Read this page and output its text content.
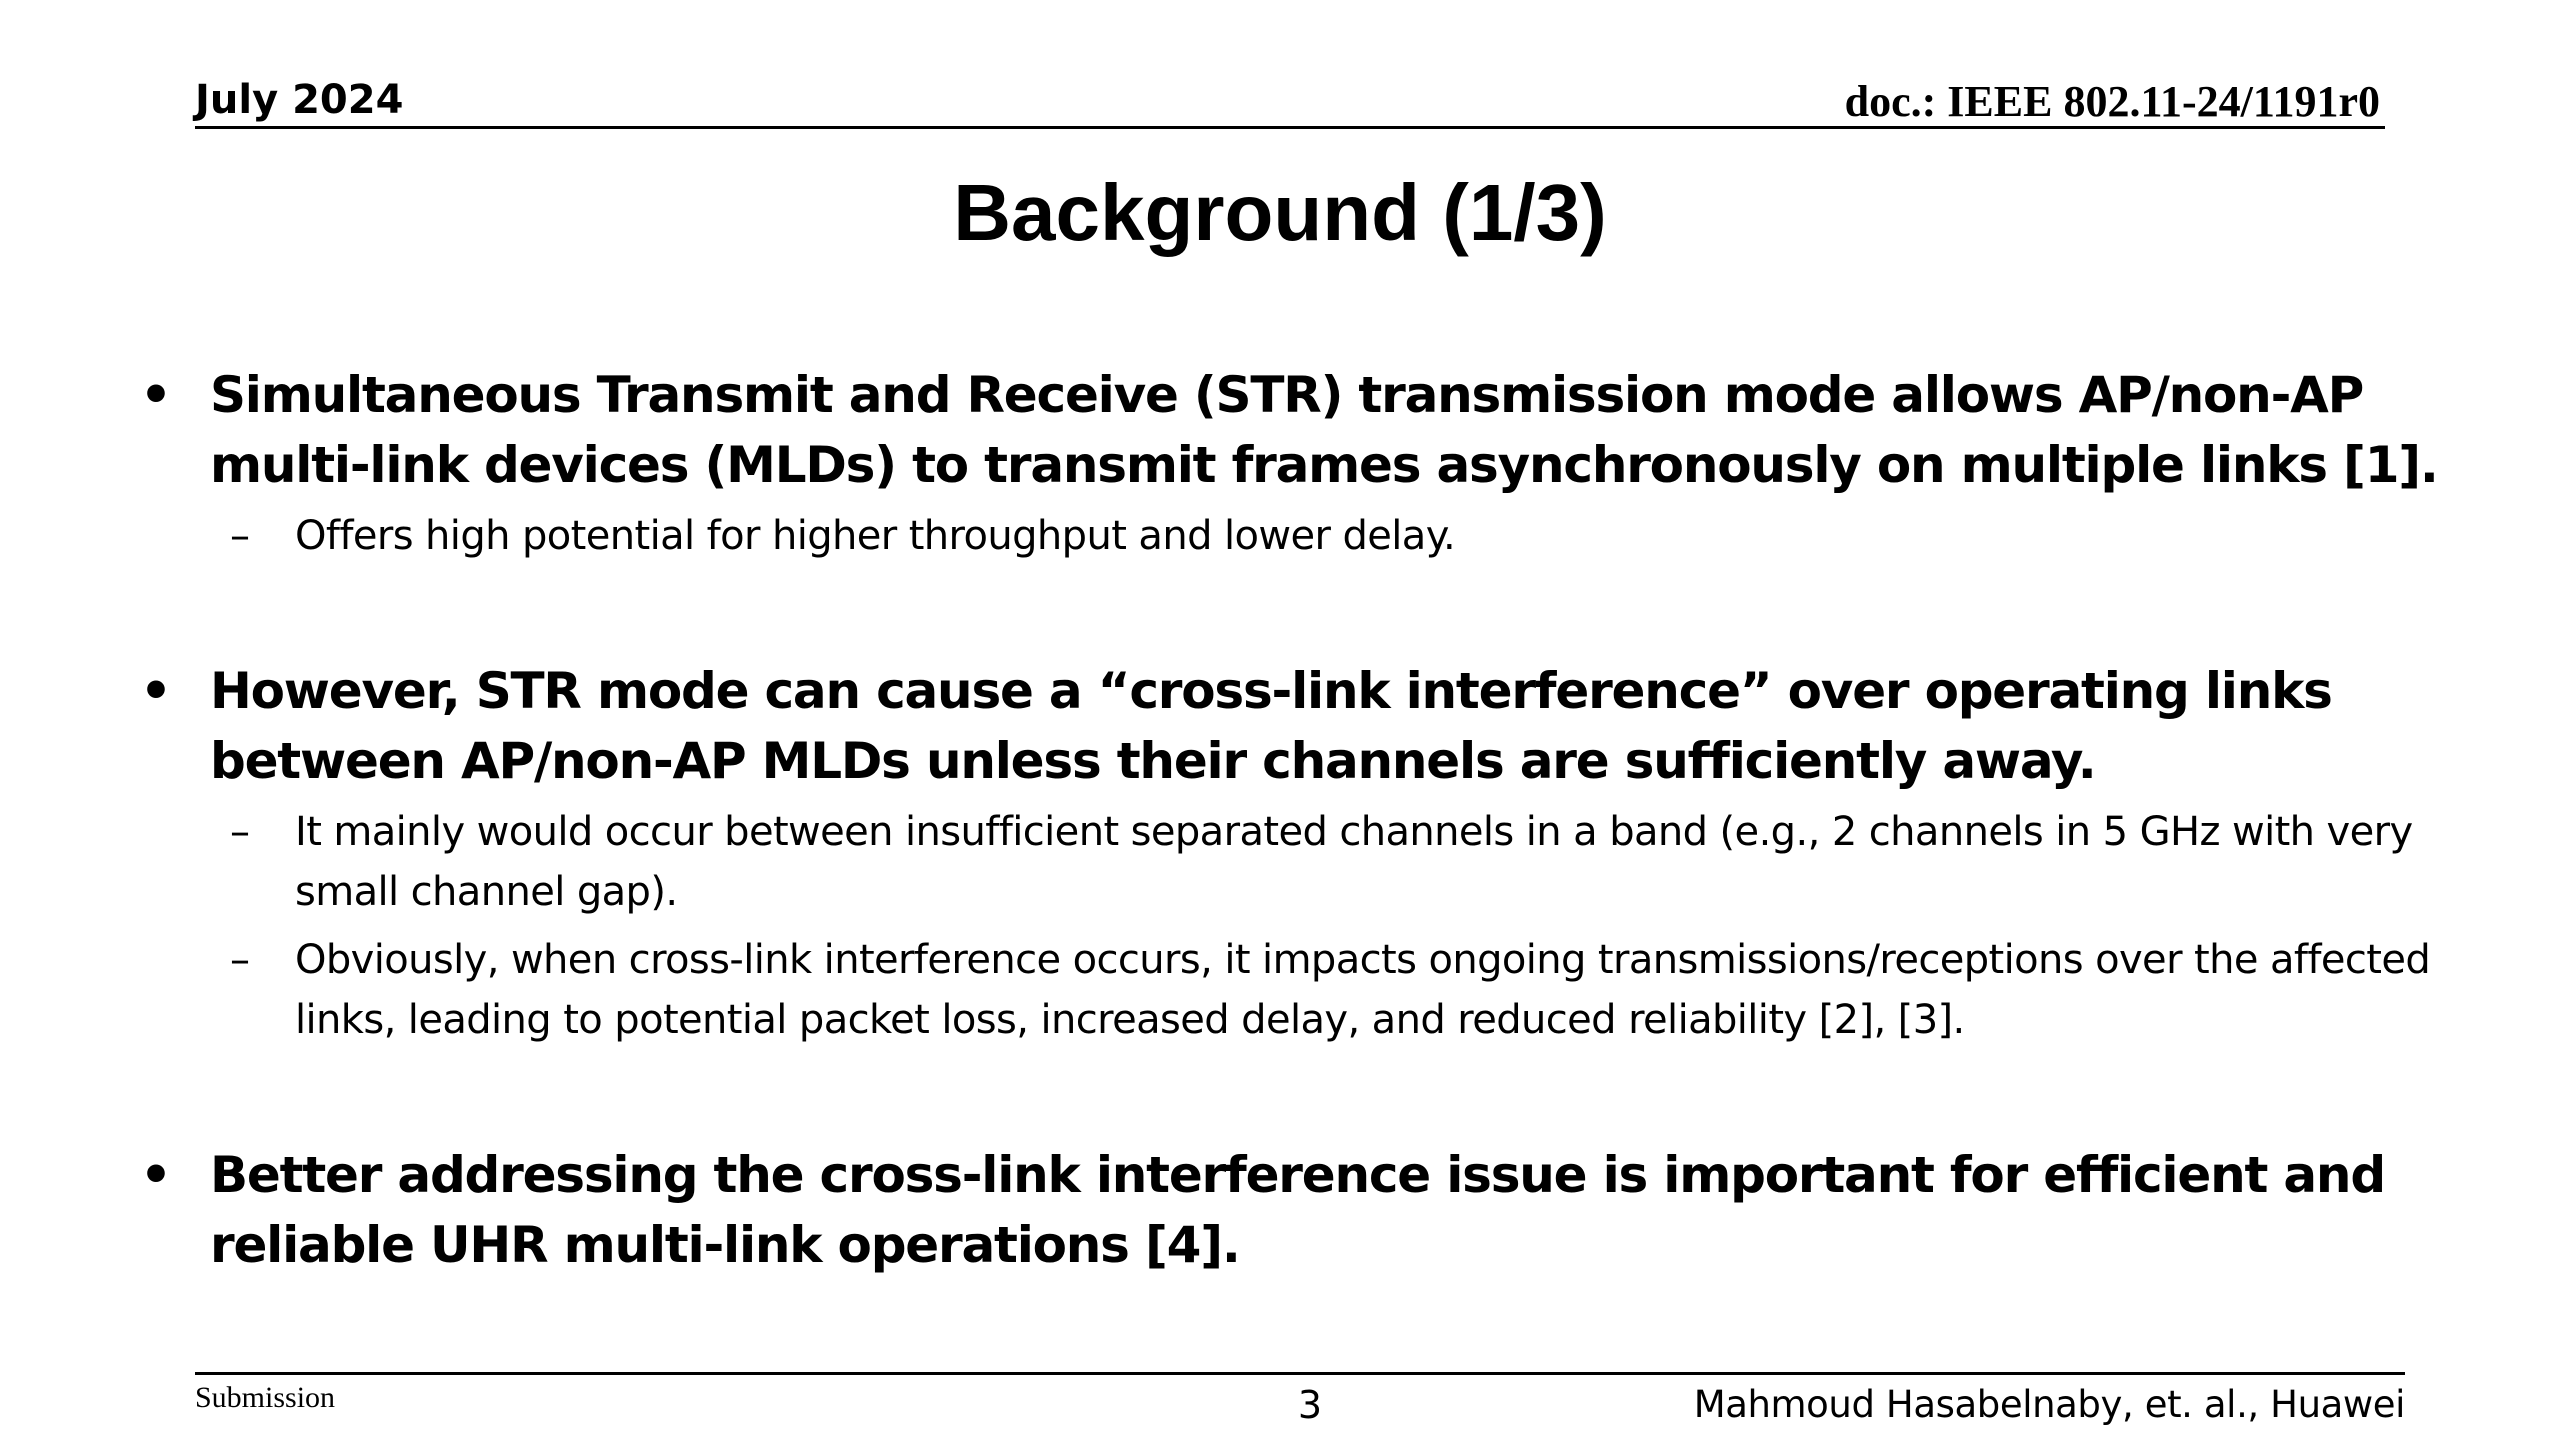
July 2024	doc.: IEEE 802.11-24/1191r0
Background (1/3)
• Simultaneous Transmit and Receive (STR) transmission mode allows AP/non-AP multi-link devices (MLDs) to transmit frames asynchronously on multiple links [1].
– Offers high potential for higher throughput and lower delay.
• However, STR mode can cause a “cross-link interference” over operating links between AP/non-AP MLDs unless their channels are sufficiently away.
– It mainly would occur between insufficient separated channels in a band (e.g., 2 channels in 5 GHz with very small channel gap).
– Obviously, when cross-link interference occurs, it impacts ongoing transmissions/receptions over the affected links, leading to potential packet loss, increased delay, and reduced reliability [2], [3].
• Better addressing the cross-link interference issue is important for efficient and reliable UHR multi-link operations [4].
Submission	3	Mahmoud Hasabelnaby, et. al., Huawei
